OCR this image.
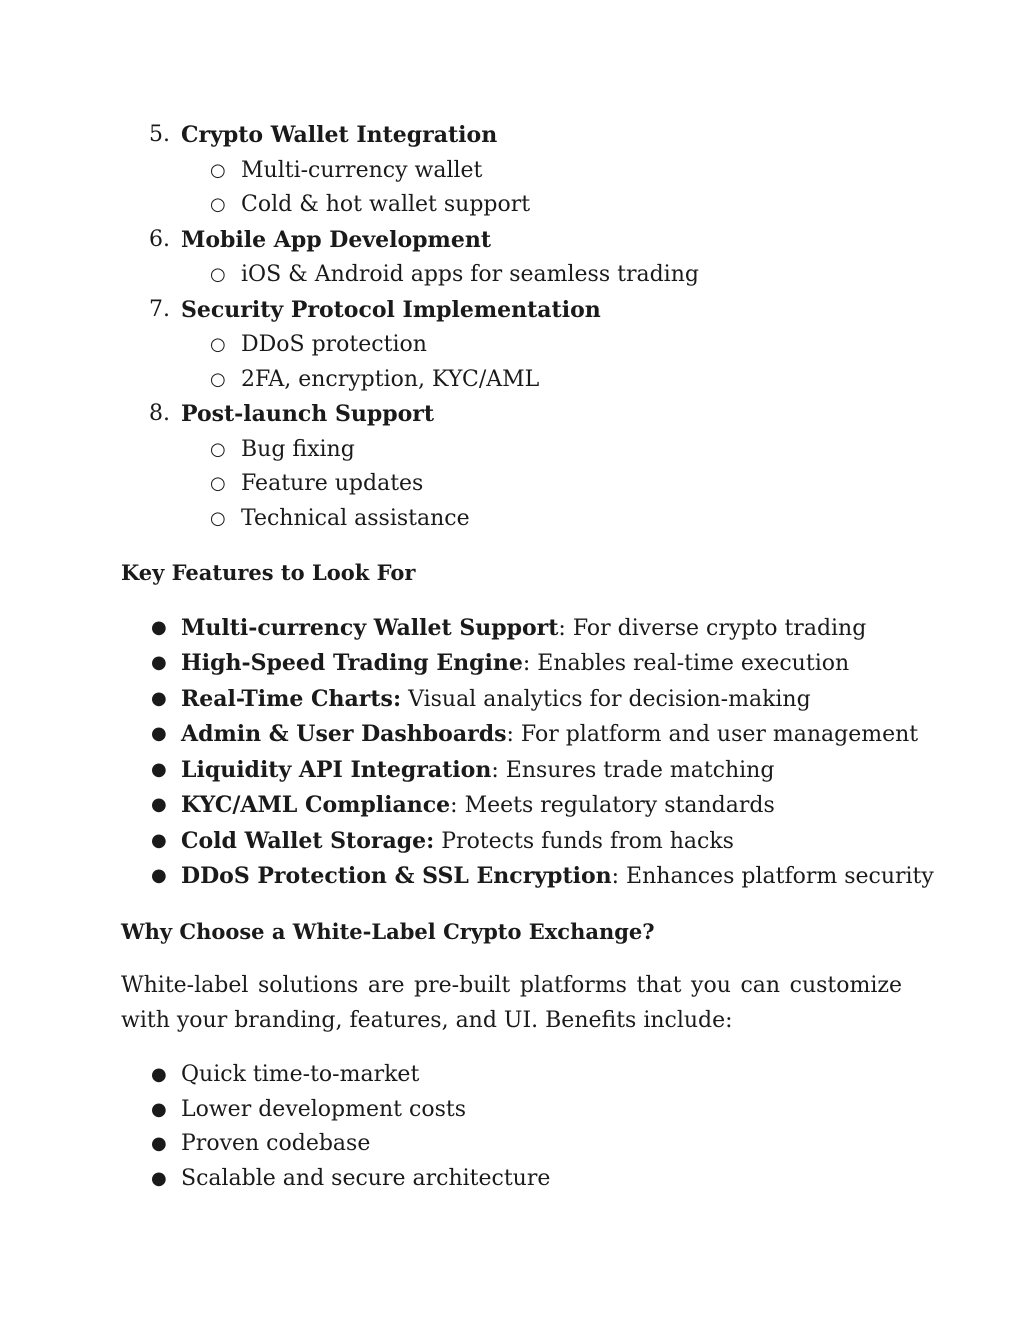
5. Crypto Wallet Integration
○ Multi-currency wallet
○ Cold & hot wallet support
6. Mobile App Development
○ iOS & Android apps for seamless trading
7. Security Protocol Implementation
○ DDoS protection
○ 2FA, encryption, KYC/AML
8. Post-launch Support
○ Bug fixing
○ Feature updates
○ Technical assistance
Key Features to Look For
● Multi-currency Wallet Support: For diverse crypto trading
● High-Speed Trading Engine: Enables real-time execution
● Real-Time Charts: Visual analytics for decision-making
● Admin & User Dashboards: For platform and user management
● Liquidity API Integration: Ensures trade matching
● KYC/AML Compliance: Meets regulatory standards
● Cold Wallet Storage: Protects funds from hacks
● DDoS Protection & SSL Encryption: Enhances platform security
Why Choose a White-Label Crypto Exchange?
White-label solutions are pre-built platforms that you can customize with your branding, features, and UI. Benefits include:
● Quick time-to-market
● Lower development costs
● Proven codebase
● Scalable and secure architecture
